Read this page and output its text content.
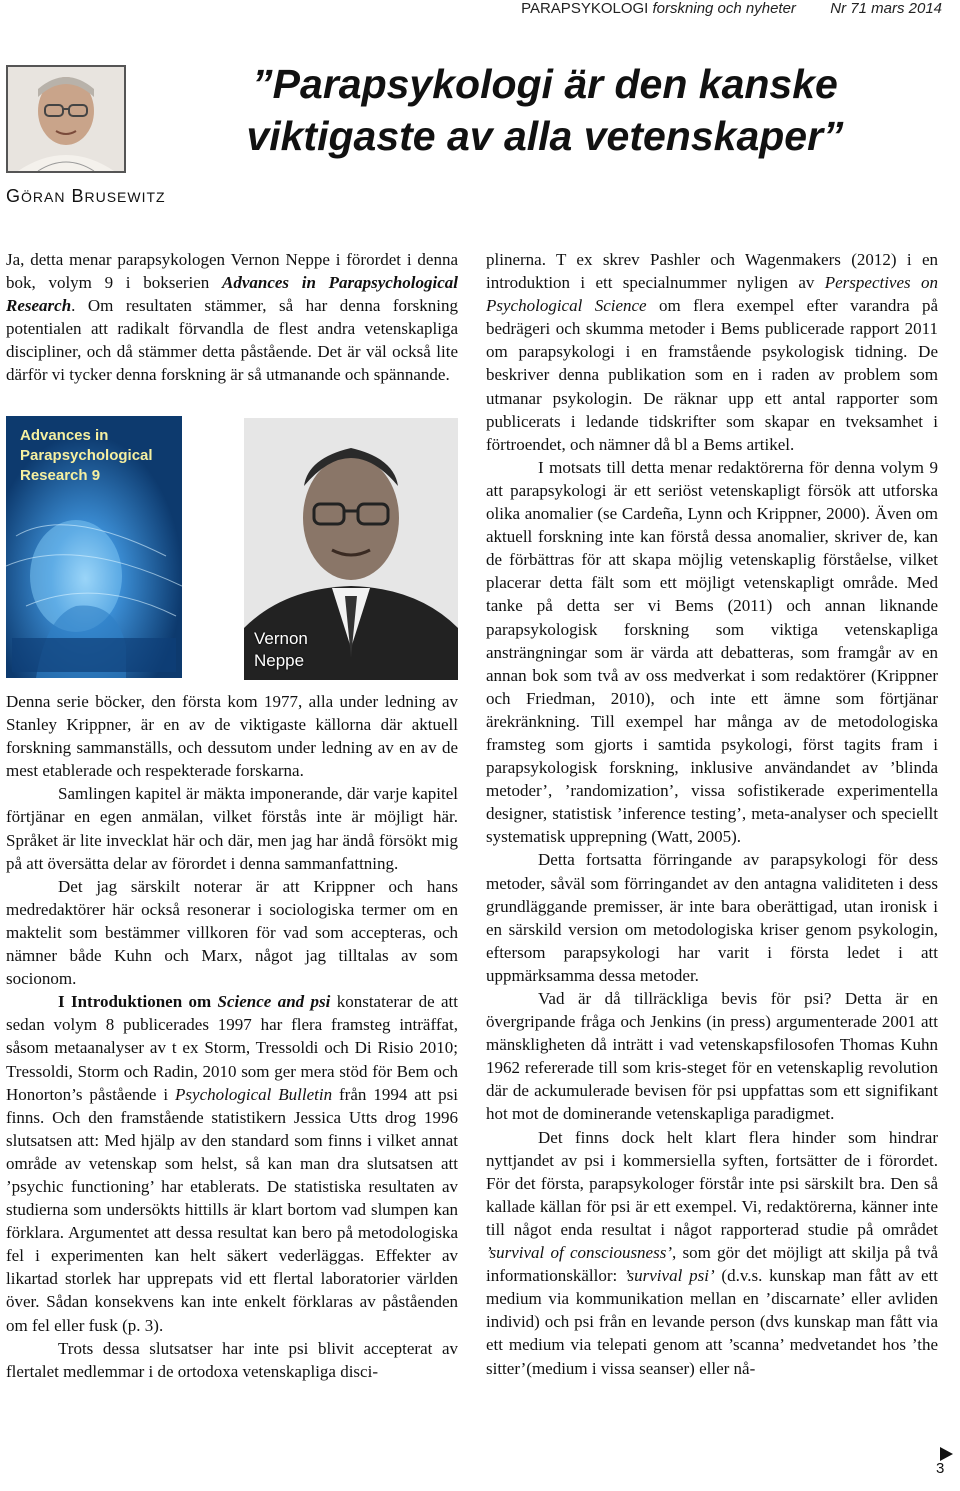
PARAPSYKOLOGI forskning och nyheter Nr 71 mars 2014
”Parapsykologi är den kanske
viktigaste av alla vetenskaper”
GÖRAN BRUSEWITZ

Ja, detta menar parapsykologen Vernon Neppe i förordet i denna bok, volym 9 i bokserien Advances in Parapsychological Research. Om resultaten stämmer, så har denna forskning potentialen att radikalt förvandla de flest andra vetenskapliga discipliner, och då stämmer detta påstående. Det är väl också lite därför vi tycker denna forskning är så utmanande och spännande.

Advances in
Parapsychological
Research 9
Vernon
Neppe

Denna serie böcker, den första kom 1977, alla under ledning av Stanley Krippner, är en av de viktigaste källorna där aktuell forskning sammanställs, och dessutom under ledning av en av de mest etablerade och respekterade forskarna.

Samlingen kapitel är mäkta imponerande, där varje kapitel förtjänar en egen anmälan, vilket förstås inte är möjligt här. Språket är lite invecklat här och där, men jag har ändå försökt mig på att översätta delar av förordet i denna sammanfattning.

Det jag särskilt noterar är att Krippner och hans medredaktörer här också resonerar i sociologiska termer om en maktelit som bestämmer villkoren för vad som accepteras, och nämner både Kuhn och Marx, något jag tilltalas av som socionom.

I Introduktionen om Science and psi konstaterar de att sedan volym 8 publicerades 1997 har flera framsteg inträffat, såsom metaanalyser av t ex Storm, Tressoldi och Di Risio 2010; Tressoldi, Storm och Radin, 2010 som ger mera stöd för Bem och Honorton’s påstående i Psychological Bulletin från 1994 att psi finns. Och den framstående statistikern Jessica Utts drog 1996 slutsatsen att: Med hjälp av den standard som finns i vilket annat område av vetenskap som helst, så kan man dra slutsatsen att ’psychic functioning’ har etablerats. De statistiska resultaten av studierna som undersökts hittills är klart bortom vad slumpen kan förklara. Argumentet att dessa resultat kan bero på metodologiska fel i experimenten kan helt säkert vederläggas. Effekter av likartad storlek har upprepats vid ett flertal laboratorier världen över. Sådan konsekvens kan inte enkelt förklaras av påståenden om fel eller fusk (p. 3).

Trots dessa slutsatser har inte psi blivit accepterat av flertalet medlemmar i de ortodoxa vetenskapliga disci-

plinerna. T ex skrev Pashler och Wagenmakers (2012) i en introduktion i ett specialnummer nyligen av Perspectives on Psychological Science om flera exempel efter varandra på bedrägeri och skumma metoder i Bems publicerade rapport 2011 om parapsykologi i en framstående psykologisk tidning. De beskriver denna publikation som en i raden av problem som utmanar psykologin. De räknar upp ett antal rapporter som publicerats i ledande tidskrifter som skapar en tveksamhet i förtroendet, och nämner då bl a Bems artikel.

I motsats till detta menar redaktörerna för denna volym 9 att parapsykologi är ett seriöst vetenskapligt försök att utforska olika anomalier (se Cardeña, Lynn och Krippner, 2000). Även om aktuell forskning inte kan förstå dessa anomalier, skriver de, kan de förbättras för att skapa möjlig vetenskaplig förståelse, vilket placerar detta fält som ett möjligt vetenskapligt område. Med tanke på detta ser vi Bems (2011) och annan liknande parapsykologisk forskning som viktiga vetenskapliga ansträngningar som är värda att debatteras, som framgår av en annan bok som två av oss medverkat i som redaktörer (Krippner och Friedman, 2010), och inte ett ämne som förtjänar ärekränkning. Till exempel har många av de metodologiska framsteg som gjorts i samtida psykologi, först tagits fram i parapsykologisk forskning, inklusive användandet av ’blinda metoder’, ’randomization’, vissa sofistikerade experimentella designer, statistisk ’inference testing’, meta-analyser och speciellt systematisk upprepning (Watt, 2005).

Detta fortsatta förringande av parapsykologi för dess metoder, såväl som förringandet av den antagna validiteten i dess grundläggande premisser, är inte bara oberättigad, utan ironisk i en särskild version om metodologiska kriser genom psykologin, eftersom parapsykologi har varit i första ledet i att uppmärksamma dessa metoder.

Vad är då tillräckliga bevis för psi? Detta är en övergripande fråga och Jenkins (in press) argumenterade 2001 att mänskligheten då inträtt i vad vetenskapsfilosofen Thomas Kuhn 1962 refererade till som kris-steget för en vetenskaplig revolution där de ackumulerade bevisen för psi uppfattas som ett signifikant hot mot de dominerande vetenskapliga paradigmet.

Det finns dock helt klart flera hinder som hindrar nyttjandet av psi i kommersiella syften, fortsätter de i förordet. För det första, parapsykologer förstår inte psi särskilt bra. Den så kallade källan för psi är ett exempel. Vi, redaktörerna, känner inte till något enda resultat i något rapporterad studie på området ’survival of consciousness’, som gör det möjligt att skilja på två informationskällor: ’survival psi’ (d.v.s. kunskap man fått av ett medium via kommunikation mellan en ’discarnate’ eller avliden individ) och psi från en levande person (dvs kunskap man fått via ett medium via telepati genom att ’scanna’ medvetandet hos ’the sitter’(medium i vissa seanser) eller nå-

3
